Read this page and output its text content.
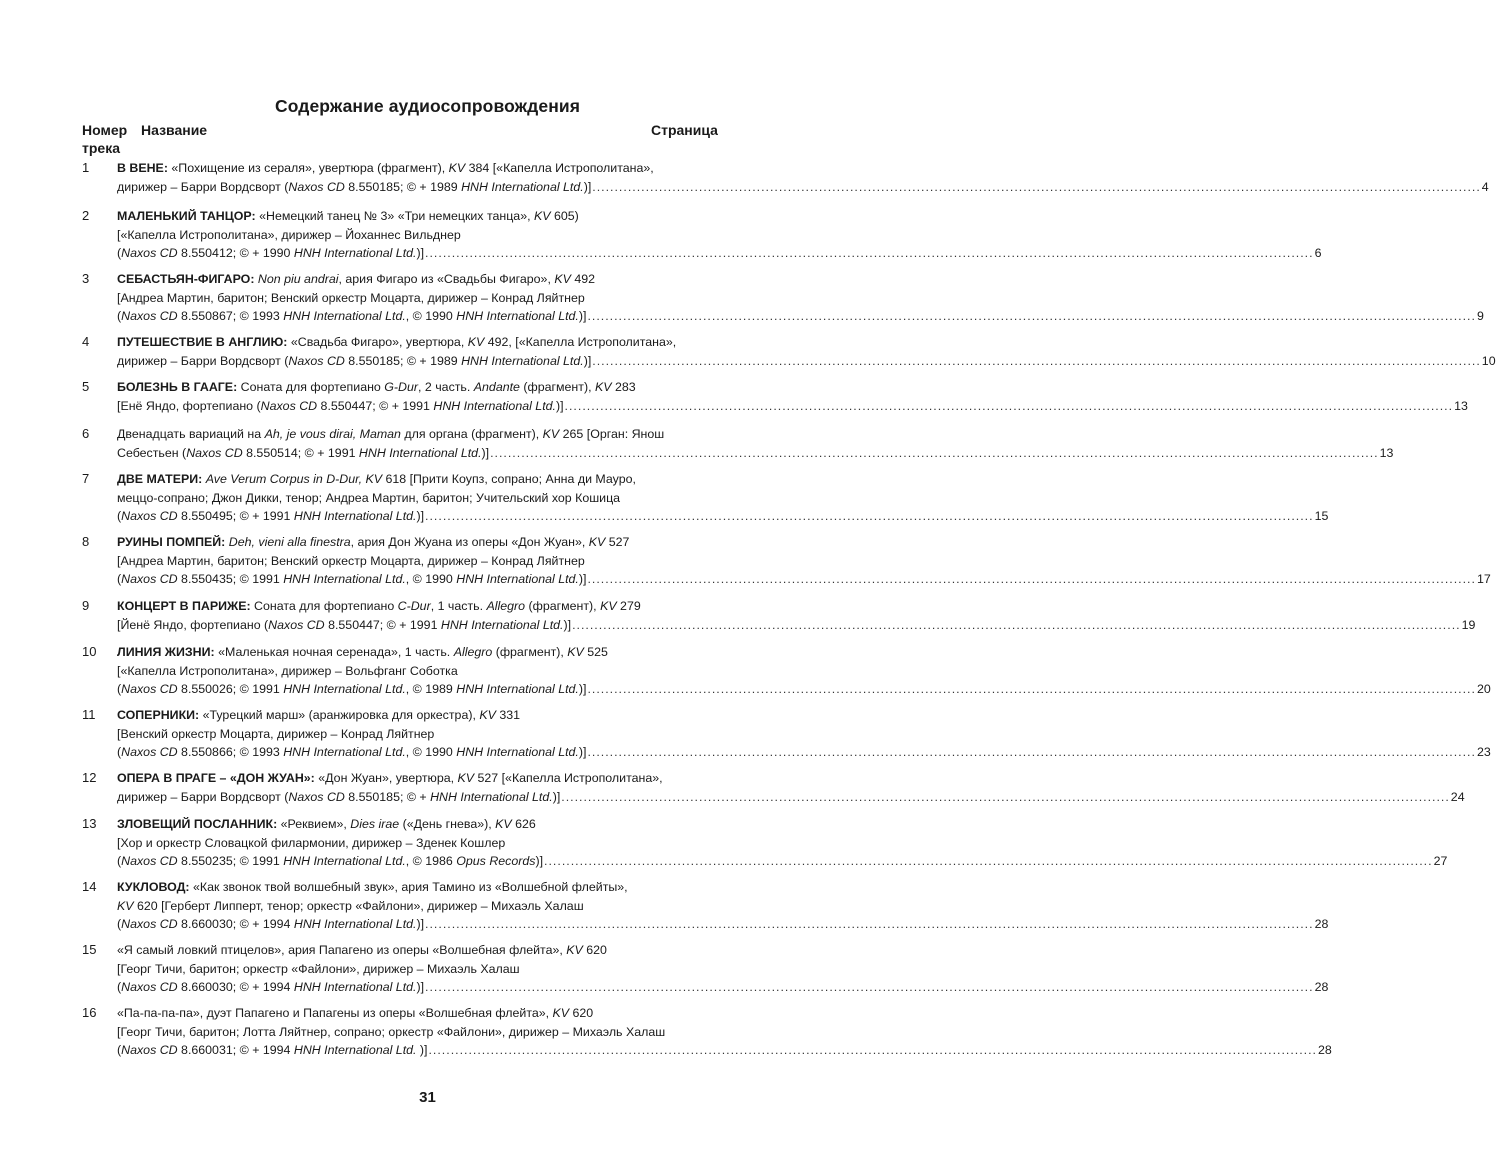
Содержание аудиосопровождения
Номер
трека
Название	Страница
1 В ВЕНЕ: «Похищение из сераля», увертюра (фрагмент), KV 384 [«Капелла Истрополитана»,
дирижер – Барри Вордсворт (Naxos CD 8.550185; © + 1989 HNH International Ltd.)] ........................................................................................................................................................................................................ 4
2 МАЛЕНЬКИЙ ТАНЦОР: «Немецкий танец № 3» «Три немецких танца», KV 605)
[«Капелла Истрополитана», дирижер – Йоханнес Вильднер
(Naxos CD 8.550412; © + 1990 HNH International Ltd.)] ........................................................................................................................................................................................................ 6
3 СЕБАСТЬЯН-ФИГАРО: Non piu andrai, ария Фигаро из «Свадьбы Фигаро», KV 492
[Андреа Мартин, баритон; Венский оркестр Моцарта, дирижер – Конрад Ляйтнер
(Naxos CD 8.550867; © 1993 HNH International Ltd., © 1990 HNH International Ltd.)] ........................................................................................................................................................................................................ 9
4 ПУТЕШЕСТВИЕ В АНГЛИЮ: «Свадьба Фигаро», увертюра, KV 492, [«Капелла Истрополитана»,
дирижер – Барри Вордсворт (Naxos CD 8.550185; © + 1989 HNH International Ltd.)] ........................................................................................................................................................................................................ 10
5 БОЛЕЗНЬ В ГААГЕ: Соната для фортепиано G-Dur, 2 часть. Andante (фрагмент), KV 283
[Енё Яндо, фортепиано (Naxos CD 8.550447; © + 1991 HNH International Ltd.)] ........................................................................................................................................................................................................ 13
6 Двенадцать вариаций на Ah, je vous dirai, Maman для органа (фрагмент), KV 265 [Орган: Янош
Себестьен (Naxos CD 8.550514; © + 1991 HNH International Ltd.)] ........................................................................................................................................................................................................ 13
7 ДВЕ МАТЕРИ: Ave Verum Corpus in D-Dur, KV 618 [Прити Коупз, сопрано; Анна ди Мауро,
меццо-сопрано; Джон Дикки, тенор; Андреа Мартин, баритон; Учительский хор Кошица
(Naxos CD 8.550495; © + 1991 HNH International Ltd.)] ........................................................................................................................................................................................................ 15
8 РУИНЫ ПОМПЕЙ: Deh, vieni alla finestra, ария Дон Жуана из оперы «Дон Жуан», KV 527
[Андреа Мартин, баритон; Венский оркестр Моцарта, дирижер – Конрад Ляйтнер
(Naxos CD 8.550435; © 1991 HNH International Ltd., © 1990 HNH International Ltd.)] ........................................................................................................................................................................................................ 17
9 КОНЦЕРТ В ПАРИЖЕ: Соната для фортепиано C-Dur, 1 часть. Allegro (фрагмент), KV 279
[Йенё Яндо, фортепиано (Naxos CD 8.550447; © + 1991 HNH International Ltd.)] ........................................................................................................................................................................................................ 19
10 ЛИНИЯ ЖИЗНИ: «Маленькая ночная серенада», 1 часть. Allegro (фрагмент), KV 525
[«Капелла Истрополитана», дирижер – Вольфганг Соботка
(Naxos CD 8.550026; © 1991 HNH International Ltd., © 1989 HNH International Ltd.)] ........................................................................................................................................................................................................ 20
11 СОПЕРНИКИ: «Турецкий марш» (аранжировка для оркестра), KV 331
[Венский оркестр Моцарта, дирижер – Конрад Ляйтнер
(Naxos CD 8.550866; © 1993 HNH International Ltd., © 1990 HNH International Ltd.)] ........................................................................................................................................................................................................ 23
12 ОПЕРА В ПРАГЕ – «ДОН ЖУАН»: «Дон Жуан», увертюра, KV 527 [«Капелла Истрополитана»,
дирижер – Барри Вордсворт (Naxos CD 8.550185; © + HNH International Ltd.)] ........................................................................................................................................................................................................ 24
13 ЗЛОВЕЩИЙ ПОСЛАННИК: «Реквием», Dies irae («День гнева»), KV 626
[Хор и оркестр Словацкой филармонии, дирижер – Зденек Кошлер
(Naxos CD 8.550235; © 1991 HNH International Ltd., © 1986 Opus Records)] ........................................................................................................................................................................................................ 27
14 КУКЛОВОД: «Как звонок твой волшебный звук», ария Тамино из «Волшебной флейты»,
KV 620 [Герберт Липперт, тенор; оркестр «Файлони», дирижер – Михаэль Халаш
(Naxos CD 8.660030; © + 1994 HNH International Ltd.)] ........................................................................................................................................................................................................ 28
15 «Я самый ловкий птицелов», ария Папагено из оперы «Волшебная флейта», KV 620
[Георг Тичи, баритон; оркестр «Файлони», дирижер – Михаэль Халаш
(Naxos CD 8.660030; © + 1994 HNH International Ltd.)] ........................................................................................................................................................................................................ 28
16 «Па-па-па-па», дуэт Папагено и Папагены из оперы «Волшебная флейта», KV 620
[Георг Тичи, баритон; Лотта Ляйтнер, сопрано; оркестр «Файлони», дирижер – Михаэль Халаш
(Naxos CD 8.660031; © + 1994 HNH International Ltd. )] ........................................................................................................................................................................................................ 28
31
